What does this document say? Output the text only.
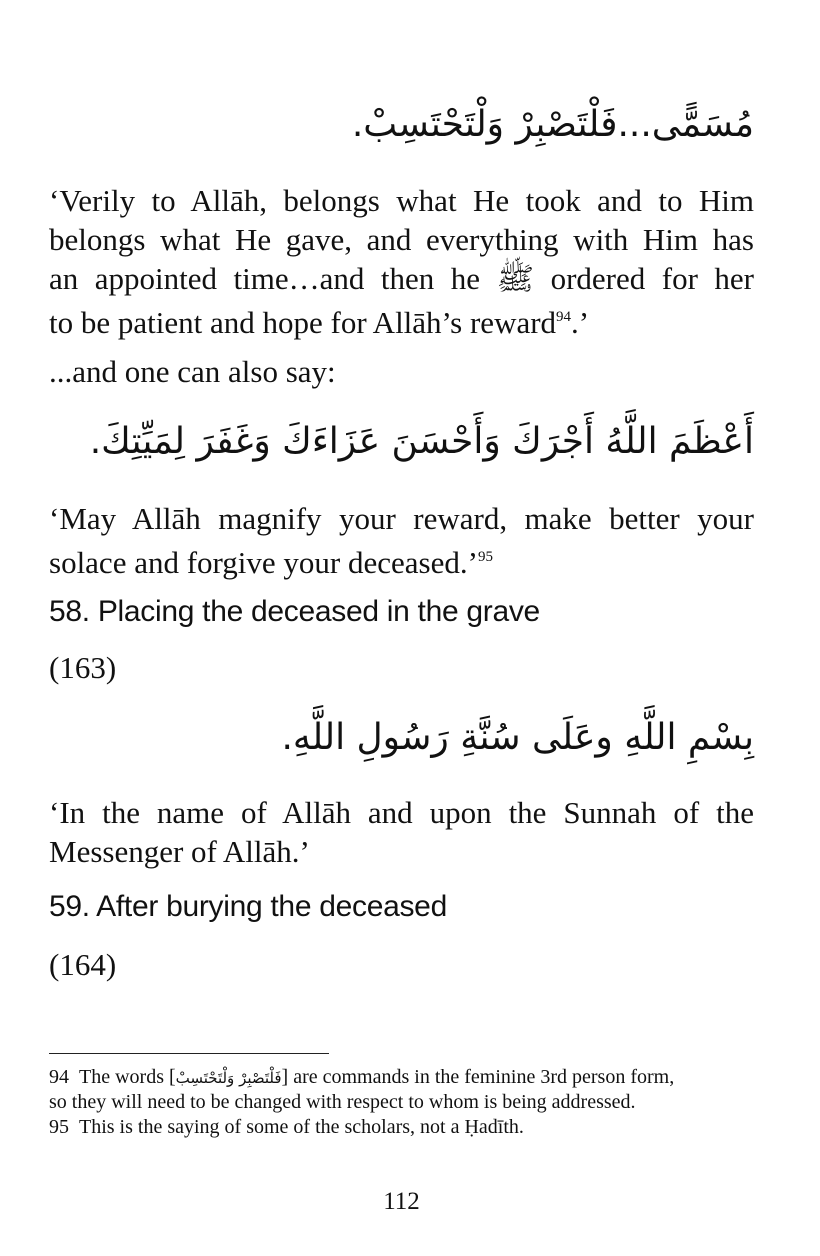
مُسَمًّى...فَلْتَصْبِرْ وَلْتَحْتَسِبْ.
‘Verily to Allāh, belongs what He took and to Him
belongs what He gave, and everything with Him has
an appointed time…and then he ﷺ ordered for her
to be patient and hope for Allāh’s reward$^{94}$.’
...and one can also say:
أَعْظَمَ اللَّهُ أَجْرَكَ وَأَحْسَنَ عَزَاءَكَ وَغَفَرَ لِمَيِّتِكَ.
‘May Allāh magnify your reward, make better your
solace and forgive your deceased.’$^{95}$
58. Placing the deceased in the grave
(163)
بِسْمِ اللَّهِ وعَلَى سُنَّةِ رَسُولِ اللَّهِ.
‘In the name of Allāh and upon the Sunnah of the
Messenger of Allāh.’
59. After burying the deceased
(164)
94 The words [فَلْتَصْبِرْ وَلْتَحْتَسِبْ] are commands in the feminine 3rd person form,
so they will need to be changed with respect to whom is being addressed.
95 This is the saying of some of the scholars, not a Ḥadīth.
112
